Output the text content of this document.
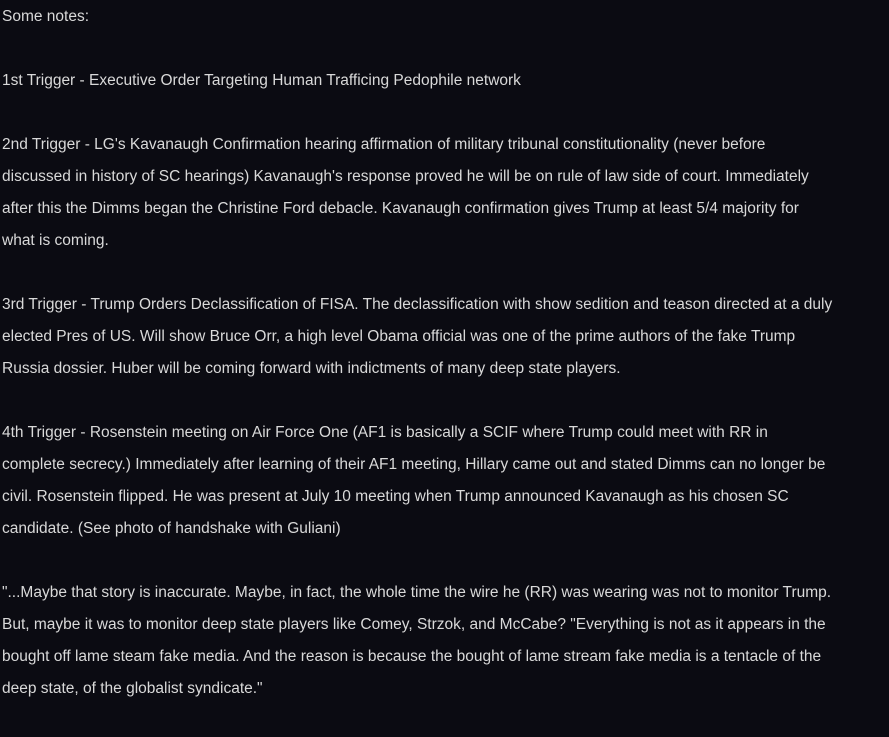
Some notes:
1st Trigger - Executive Order Targeting Human Trafficing Pedophile network
2nd Trigger - LG's Kavanaugh Confirmation hearing affirmation of military tribunal constitutionality (never before
discussed in history of SC hearings) Kavanaugh's response proved he will be on rule of law side of court. Immediately
after this the Dimms began the Christine Ford debacle. Kavanaugh confirmation gives Trump at least 5/4 majority for
what is coming.
3rd Trigger - Trump Orders Declassification of FISA. The declassification with show sedition and teason directed at a duly
elected Pres of US. Will show Bruce Orr, a high level Obama official was one of the prime authors of the fake Trump
Russia dossier. Huber will be coming forward with indictments of many deep state players.
4th Trigger - Rosenstein meeting on Air Force One (AF1 is basically a SCIF where Trump could meet with RR in
complete secrecy.) Immediately after learning of their AF1 meeting, Hillary came out and stated Dimms can no longer be
civil. Rosenstein flipped. He was present at July 10 meeting when Trump announced Kavanaugh as his chosen SC
candidate. (See photo of handshake with Guliani)
"...Maybe that story is inaccurate. Maybe, in fact, the whole time the wire he (RR) was wearing was not to monitor Trump.
But, maybe it was to monitor deep state players like Comey, Strzok, and McCabe? "Everything is not as it appears in the
bought off lame steam fake media. And the reason is because the bought of lame stream fake media is a tentacle of the
deep state, of the globalist syndicate."
